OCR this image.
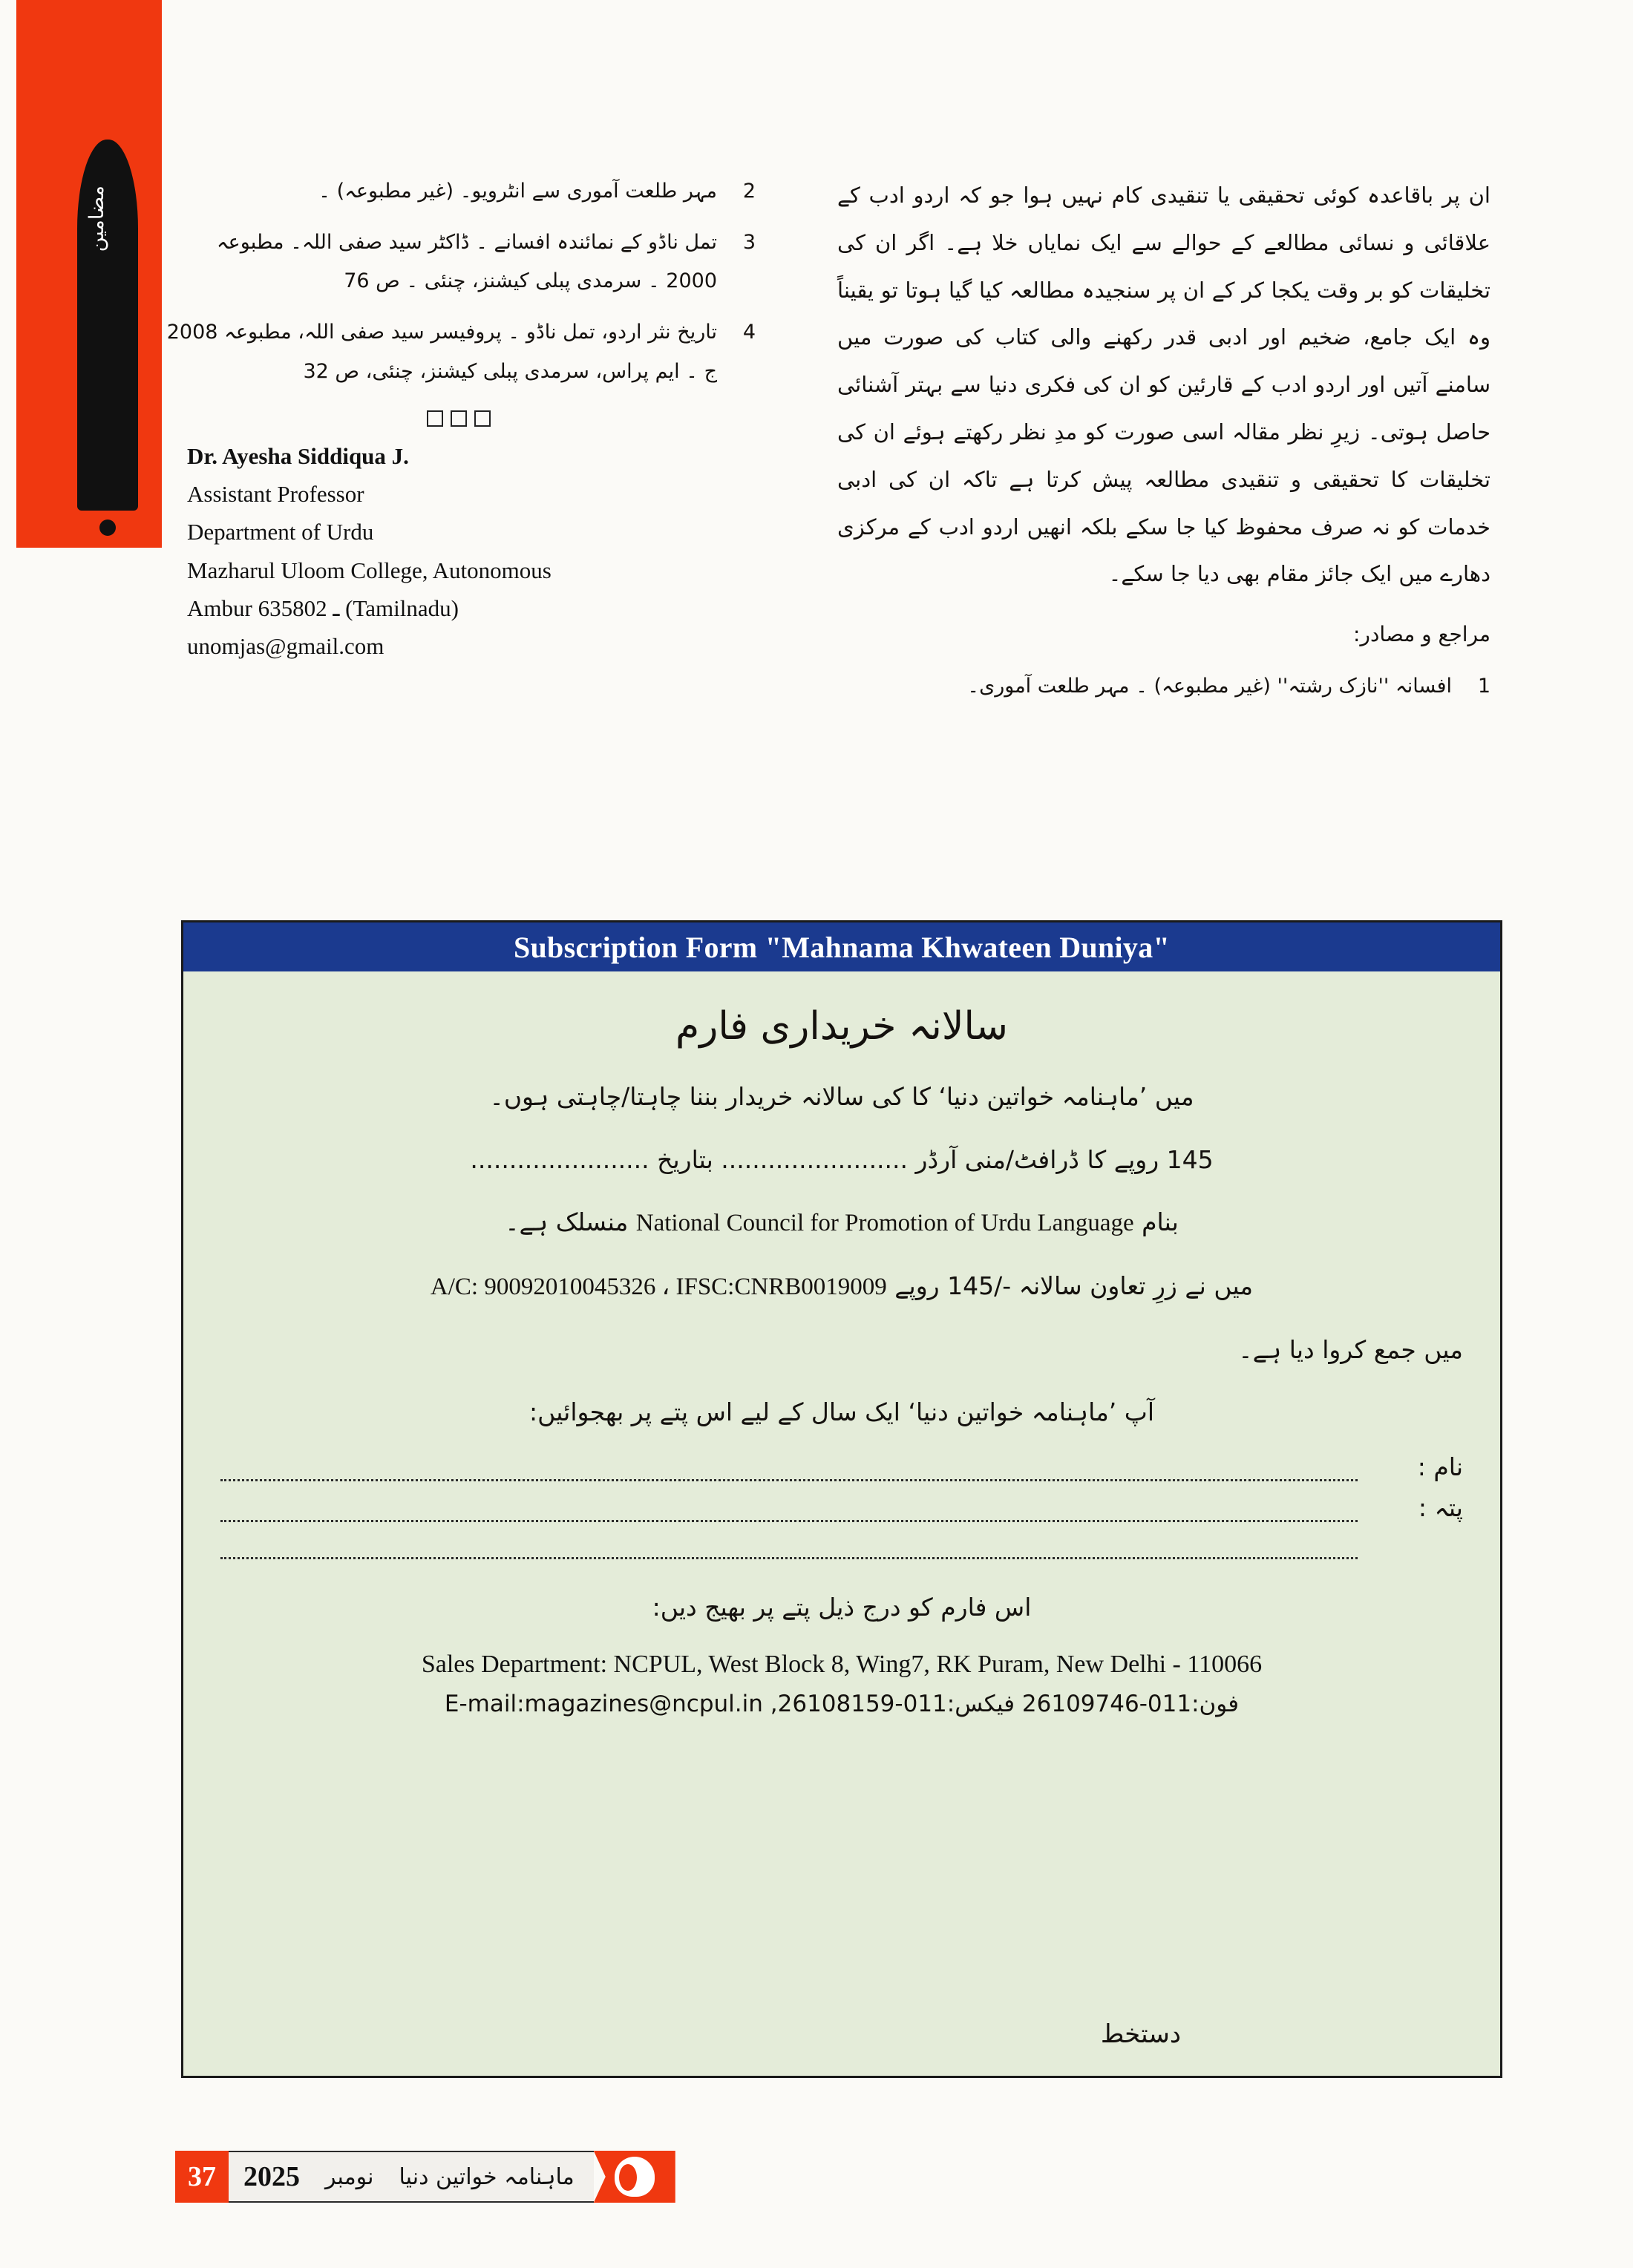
مضامین	ان پر باقاعدہ کوئی تحقیقی یا تنقیدی کام نہیں ہوا جو کہ اردو ادب کے علاقائی و نسائی مطالعے کے حوالے سے ایک نمایاں خلا ہے۔ اگر ان کی تخلیقات کو بر وقت یکجا کر کے ان پر سنجیدہ مطالعہ کیا گیا ہوتا تو یقیناً وہ ایک جامع، ضخیم اور ادبی قدر رکھنے والی کتاب کی صورت میں سامنے آتیں اور اردو ادب کے قارئین کو ان کی فکری دنیا سے بہتر آشنائی حاصل ہوتی۔ زیرِ نظر مقالہ اسی صورت کو مدِ نظر رکھتے ہوئے ان کی تخلیقات کا تحقیقی و تنقیدی مطالعہ پیش کرتا ہے تاکہ ان کی ادبی خدمات کو نہ صرف محفوظ کیا جا سکے بلکہ انھیں اردو ادب کے مرکزی دھارے میں ایک جائز مقام بھی دیا جا سکے۔

مراجع و مصادر:
1
افسانہ ''نازک رشتہ'' (غیر مطبوعہ) ۔ مہر طلعت آموری۔
2
مہر طلعت آموری سے انٹرویو۔ (غیر مطبوعہ) ۔
3
تمل ناڈو کے نمائندہ افسانے ۔ ڈاکٹر سید صفی اللہ۔ مطبوعہ 2000 ۔ سرمدی پبلی کیشنز، چنئی ۔ ص 76
4
تاریخ نثر اردو، تمل ناڈو ۔ پروفیسر سید صفی اللہ، مطبوعہ 2008 ج ۔ ایم پراس، سرمدی پبلی کیشنز، چنئی، ص 32
Dr. Ayesha Siddiqua J.
Assistant Professor
Department of Urdu
Mazharul Uloom College, Autonomous
Ambur ـ 635802 (Tamilnadu)
unomjas@gmail.com
Subscription Form "Mahnama Khwateen Duniya"
سالانہ خریداری فارم
میں ’ماہنامہ خواتین دنیا‘ کا کی سالانہ خریدار بننا چاہتا/چاہتی ہوں۔
145 روپے کا ڈرافٹ/منی آرڈر ........................ بتاریخ .......................
بنام National Council for Promotion of Urdu Language منسلک ہے۔
میں نے زرِ تعاون سالانہ -/145 روپے A/C: 90092010045326 ، IFSC:CNRB0019009
میں جمع کروا دیا ہے۔
آپ ’ماہنامہ خواتین دنیا‘ ایک سال کے لیے اس پتے پر بھجوائیں:
نام :
پتہ :
اس فارم کو درج ذیل پتے پر بھیج دیں:
Sales Department: NCPUL, West Block 8, Wing7, RK Puram, New Delhi - 110066
فون:011-26109746 فیکس:011-26108159, E-mail:magazines@ncpul.in
دستخط
37 2025 نومبر ماہنامہ خواتین دنیا
